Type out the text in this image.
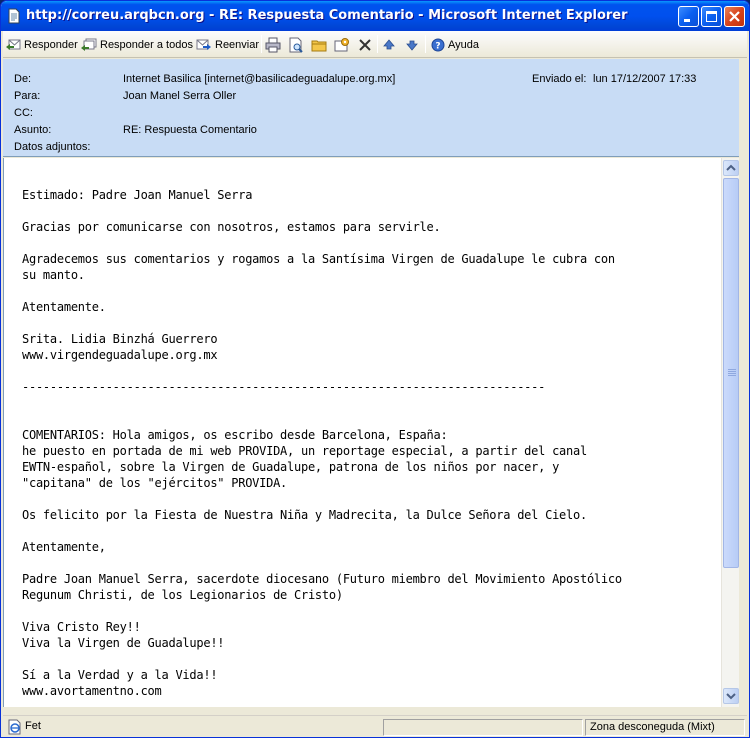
http://correu.arqbcn.org - RE: Respuesta Comentario - Microsoft Internet Explorer
Responder Responder a todos Reenviar	? Ayuda
De:	Internet Basilica [internet@basilicadeguadalupe.org.mx]	Enviado el: lun 17/12/2007 17:33
Para:	Joan Manel Serra Oller
CC:
Asunto:	RE: Respuesta Comentario
Datos adjuntos:
Estimado: Padre Joan Manuel Serra
Gracias por comunicarse con nosotros, estamos para servirle.
Agradecemos sus comentarios y rogamos a la Santísima Virgen de Guadalupe le cubra con
su manto.
Atentamente.
Srita. Lidia Binzhá Guerrero
www.virgendeguadalupe.org.mx
---------------------------------------------------------------------------
COMENTARIOS: Hola amigos, os escribo desde Barcelona, España:
he puesto en portada de mi web PROVIDA, un reportage especial, a partir del canal
EWTN-español, sobre la Virgen de Guadalupe, patrona de los niños por nacer, y
"capitana" de los "ejércitos" PROVIDA.
Os felicito por la Fiesta de Nuestra Niña y Madrecita, la Dulce Señora del Cielo.
Atentamente,
Padre Joan Manuel Serra, sacerdote diocesano (Futuro miembro del Movimiento Apostólico
Regunum Christi, de los Legionarios de Cristo)
Viva Cristo Rey!!
Viva la Virgen de Guadalupe!!
Sí a la Verdad y a la Vida!!
www.avortamentno.com
Fet	Zona desconeguda (Mixt)
